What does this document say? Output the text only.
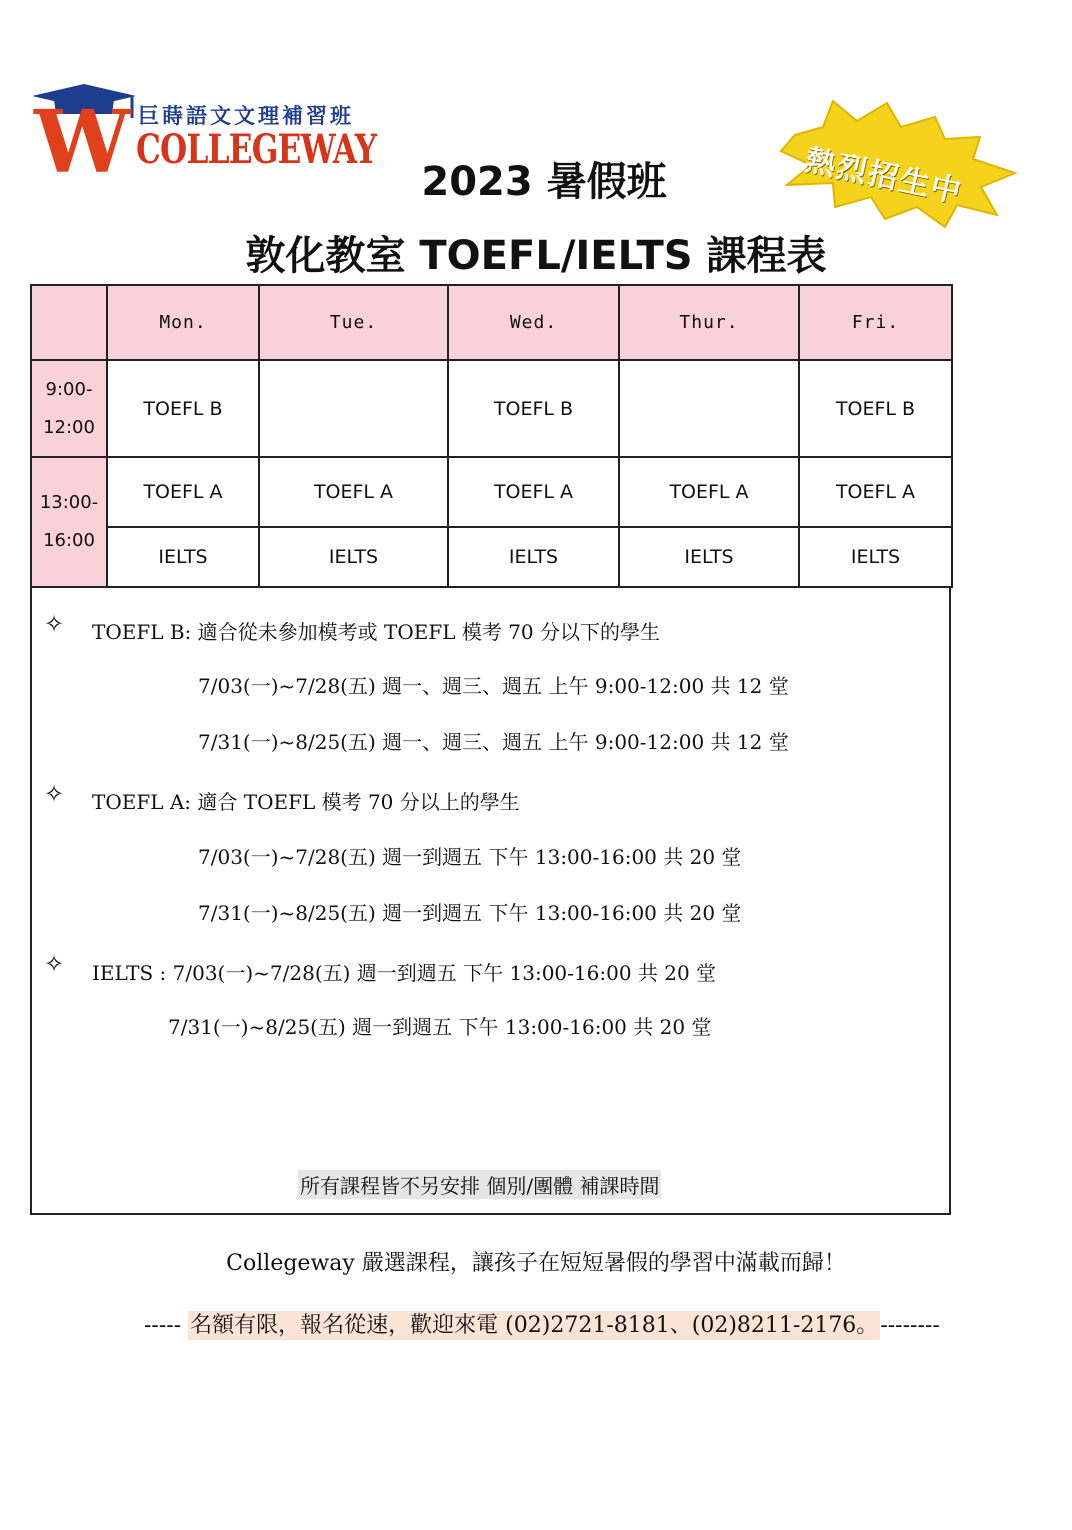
W 巨蒔語文文理補習班
COLLEGEWAY	熱烈招生中
2023 暑假班
敦化教室 TOEFL/IELTS 課程表
	Mon.	Tue.	Wed.	Thur.	Fri.

9:00-
12:00	TOEFL B		TOEFL B		TOEFL B

13:00-
16:00	TOEFL A	TOEFL A	TOEFL A	TOEFL A	TOEFL A
	IELTS	IELTS	IELTS	IELTS	IELTS
✧ TOEFL B: 適合從未參加模考或 TOEFL 模考 70 分以下的學生
7/03(一)~7/28(五) 週一、週三、週五 上午 9:00-12:00 共 12 堂
7/31(一)~8/25(五) 週一、週三、週五 上午 9:00-12:00 共 12 堂
✧ TOEFL A: 適合 TOEFL 模考 70 分以上的學生
7/03(一)~7/28(五) 週一到週五 下午 13:00-16:00 共 20 堂
7/31(一)~8/25(五) 週一到週五 下午 13:00-16:00 共 20 堂
✧ IELTS : 7/03(一)~7/28(五) 週一到週五 下午 13:00-16:00 共 20 堂
7/31(一)~8/25(五) 週一到週五 下午 13:00-16:00 共 20 堂
所有課程皆不另安排 個別/團體 補課時間
Collegeway 嚴選課程，讓孩子在短短暑假的學習中滿載而歸！
----- 名額有限，報名從速，歡迎來電 (02)2721-8181、(02)8211-2176。--------
